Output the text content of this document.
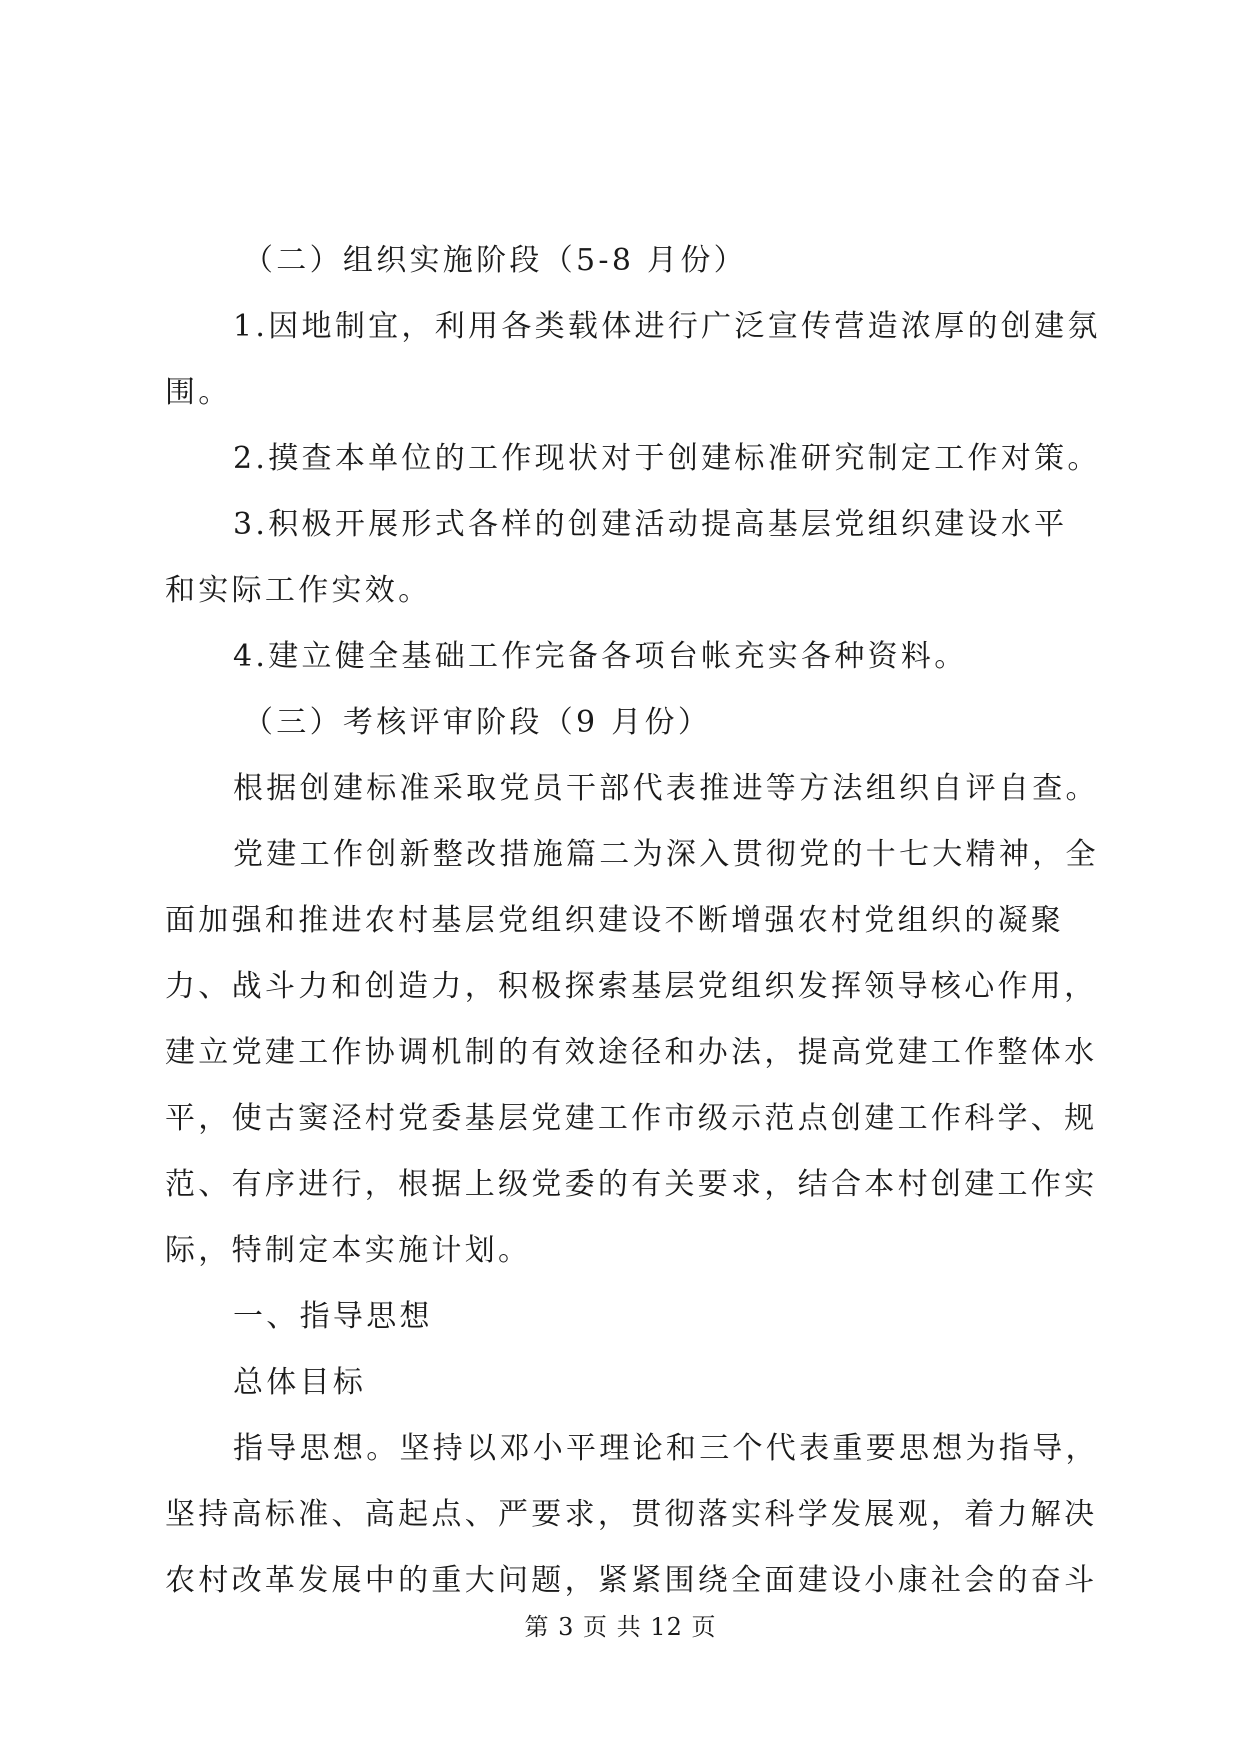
（二）组织实施阶段（5-8 月份）
1.因地制宜，利用各类载体进行广泛宣传营造浓厚的创建氛
围。
2.摸查本单位的工作现状对于创建标准研究制定工作对策。
3.积极开展形式各样的创建活动提高基层党组织建设水平
和实际工作实效。
4.建立健全基础工作完备各项台帐充实各种资料。
（三）考核评审阶段（9 月份）
根据创建标准采取党员干部代表推进等方法组织自评自查。
党建工作创新整改措施篇二为深入贯彻党的十七大精神，全
面加强和推进农村基层党组织建设不断增强农村党组织的凝聚
力、战斗力和创造力，积极探索基层党组织发挥领导核心作用，
建立党建工作协调机制的有效途径和办法，提高党建工作整体水
平，使古窦泾村党委基层党建工作市级示范点创建工作科学、规
范、有序进行，根据上级党委的有关要求，结合本村创建工作实
际，特制定本实施计划。
一、指导思想
总体目标
指导思想。坚持以邓小平理论和三个代表重要思想为指导，
坚持高标准、高起点、严要求，贯彻落实科学发展观，着力解决
农村改革发展中的重大问题，紧紧围绕全面建设小康社会的奋斗
第 3 页 共 12 页
